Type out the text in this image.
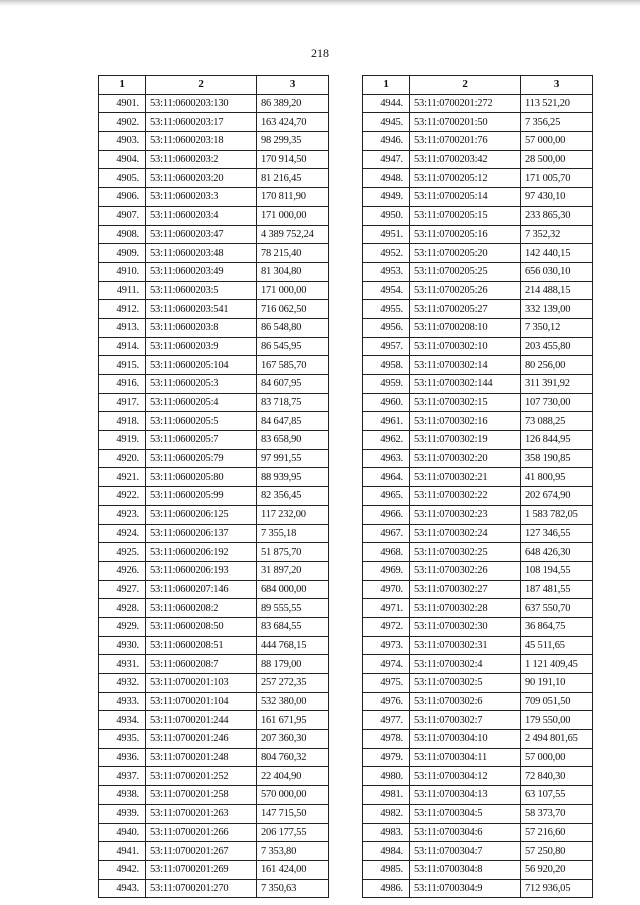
218
1	2	3
4901.	53:11:0600203:130	86 389,20
4902.	53:11:0600203:17	163 424,70
4903.	53:11:0600203:18	98 299,35
4904.	53:11:0600203:2	170 914,50
4905.	53:11:0600203:20	81 216,45
4906.	53:11:0600203:3	170 811,90
4907.	53:11:0600203:4	171 000,00
4908.	53:11:0600203:47	4 389 752,24
4909.	53:11:0600203:48	78 215,40
4910.	53:11:0600203:49	81 304,80
4911.	53:11:0600203:5	171 000,00
4912.	53:11:0600203:541	716 062,50
4913.	53:11:0600203:8	86 548,80
4914.	53:11:0600203:9	86 545,95
4915.	53:11:0600205:104	167 585,70
4916.	53:11:0600205:3	84 607,95
4917.	53:11:0600205:4	83 718,75
4918.	53:11:0600205:5	84 647,85
4919.	53:11:0600205:7	83 658,90
4920.	53:11:0600205:79	97 991,55
4921.	53:11:0600205:80	88 939,95
4922.	53:11:0600205:99	82 356,45
4923.	53:11:0600206:125	117 232,00
4924.	53:11:0600206:137	7 355,18
4925.	53:11:0600206:192	51 875,70
4926.	53:11:0600206:193	31 897,20
4927.	53:11:0600207:146	684 000,00
4928.	53:11:0600208:2	89 555,55
4929.	53:11:0600208:50	83 684,55
4930.	53:11:0600208:51	444 768,15
4931.	53:11:0600208:7	88 179,00
4932.	53:11:0700201:103	257 272,35
4933.	53:11:0700201:104	532 380,00
4934.	53:11:0700201:244	161 671,95
4935.	53:11:0700201:246	207 360,30
4936.	53:11:0700201:248	804 760,32
4937.	53:11:0700201:252	22 404,90
4938.	53:11:0700201:258	570 000,00
4939.	53:11:0700201:263	147 715,50
4940.	53:11:0700201:266	206 177,55
4941.	53:11:0700201:267	7 353,80
4942.	53:11:0700201:269	161 424,00
4943.	53:11:0700201:270	7 350,63
1	2	3
4944.	53:11:0700201:272	113 521,20
4945.	53:11:0700201:50	7 356,25
4946.	53:11:0700201:76	57 000,00
4947.	53:11:0700203:42	28 500,00
4948.	53:11:0700205:12	171 005,70
4949.	53:11:0700205:14	97 430,10
4950.	53:11:0700205:15	233 865,30
4951.	53:11:0700205:16	7 352,32
4952.	53:11:0700205:20	142 440,15
4953.	53:11:0700205:25	656 030,10
4954.	53:11:0700205:26	214 488,15
4955.	53:11:0700205:27	332 139,00
4956.	53:11:0700208:10	7 350,12
4957.	53:11:0700302:10	203 455,80
4958.	53:11:0700302:14	80 256,00
4959.	53:11:0700302:144	311 391,92
4960.	53:11:0700302:15	107 730,00
4961.	53:11:0700302:16	73 088,25
4962.	53:11:0700302:19	126 844,95
4963.	53:11:0700302:20	358 190,85
4964.	53:11:0700302:21	41 800,95
4965.	53:11:0700302:22	202 674,90
4966.	53:11:0700302:23	1 583 782,05
4967.	53:11:0700302:24	127 346,55
4968.	53:11:0700302:25	648 426,30
4969.	53:11:0700302:26	108 194,55
4970.	53:11:0700302:27	187 481,55
4971.	53:11:0700302:28	637 550,70
4972.	53:11:0700302:30	36 864,75
4973.	53:11:0700302:31	45 511,65
4974.	53:11:0700302:4	1 121 409,45
4975.	53:11:0700302:5	90 191,10
4976.	53:11:0700302:6	709 051,50
4977.	53:11:0700302:7	179 550,00
4978.	53:11:0700304:10	2 494 801,65
4979.	53:11:0700304:11	57 000,00
4980.	53:11:0700304:12	72 840,30
4981.	53:11:0700304:13	63 107,55
4982.	53:11:0700304:5	58 373,70
4983.	53:11:0700304:6	57 216,60
4984.	53:11:0700304:7	57 250,80
4985.	53:11:0700304:8	56 920,20
4986.	53:11:0700304:9	712 936,05
